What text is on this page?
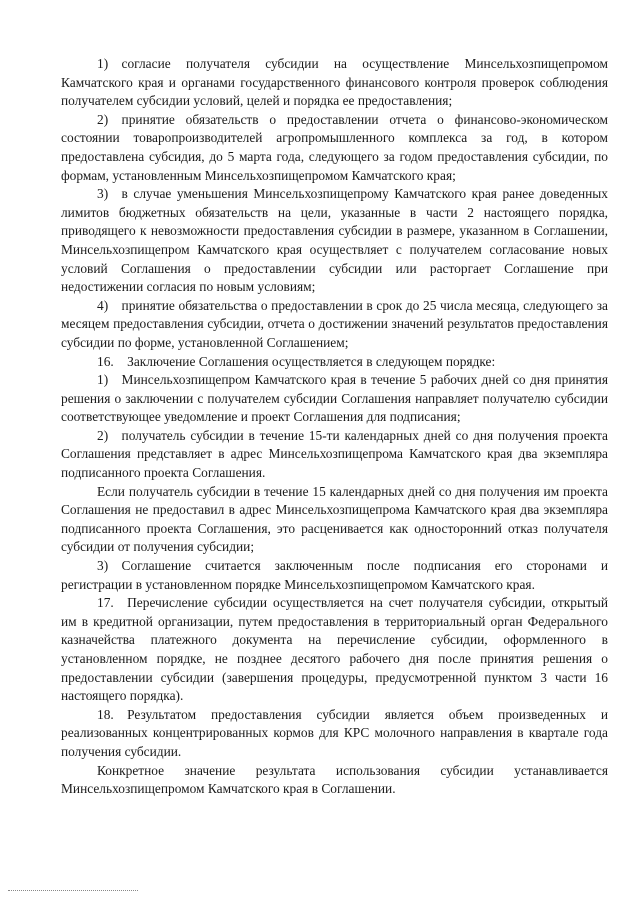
1) согласие получателя субсидии на осуществление Минсельхозпищепромом Камчатского края и органами государственного финансового контроля проверок соблюдения получателем субсидии условий, целей и порядка ее предоставления;

2) принятие обязательств о предоставлении отчета о финансово-экономическом состоянии товаропроизводителей агропромышленного комплекса за год, в котором предоставлена субсидия, до 5 марта года, следующего за годом предоставления субсидии, по формам, установленным Минсельхозпищепромом Камчатского края;

3) в случае уменьшения Минсельхозпищепрому Камчатского края ранее доведенных лимитов бюджетных обязательств на цели, указанные в части 2 настоящего порядка, приводящего к невозможности предоставления субсидии в размере, указанном в Соглашении, Минсельхозпищепром Камчатского края осуществляет с получателем согласование новых условий Соглашения о предоставлении субсидии или расторгает Соглашение при недостижении согласия по новым условиям;

4) принятие обязательства о предоставлении в срок до 25 числа месяца, следующего за месяцем предоставления субсидии, отчета о достижении значений результатов предоставления субсидии по форме, установленной Соглашением;

16. Заключение Соглашения осуществляется в следующем порядке:

1) Минсельхозпищепром Камчатского края в течение 5 рабочих дней со дня принятия решения о заключении с получателем субсидии Соглашения направляет получателю субсидии соответствующее уведомление и проект Соглашения для подписания;

2) получатель субсидии в течение 15-ти календарных дней со дня получения проекта Соглашения представляет в адрес Минсельхозпищепрома Камчатского края два экземпляра подписанного проекта Соглашения.

Если получатель субсидии в течение 15 календарных дней со дня получения им проекта Соглашения не предоставил в адрес Минсельхозпищепрома Камчатского края два экземпляра подписанного проекта Соглашения, это расценивается как односторонний отказ получателя субсидии от получения субсидии;

3) Соглашение считается заключенным после подписания его сторонами и регистрации в установленном порядке Минсельхозпищепромом Камчатского края.

17. Перечисление субсидии осуществляется на счет получателя субсидии, открытый им в кредитной организации, путем предоставления в территориальный орган Федерального казначейства платежного документа на перечисление субсидии, оформленного в установленном порядке, не позднее десятого рабочего дня после принятия решения о предоставлении субсидии (завершения процедуры, предусмотренной пунктом 3 части 16 настоящего порядка).

18. Результатом предоставления субсидии является объем произведенных и реализованных концентрированных кормов для КРС молочного направления в квартале года получения субсидии.

Конкретное значение результата использования субсидии устанавливается Минсельхозпищепромом Камчатского края в Соглашении.
